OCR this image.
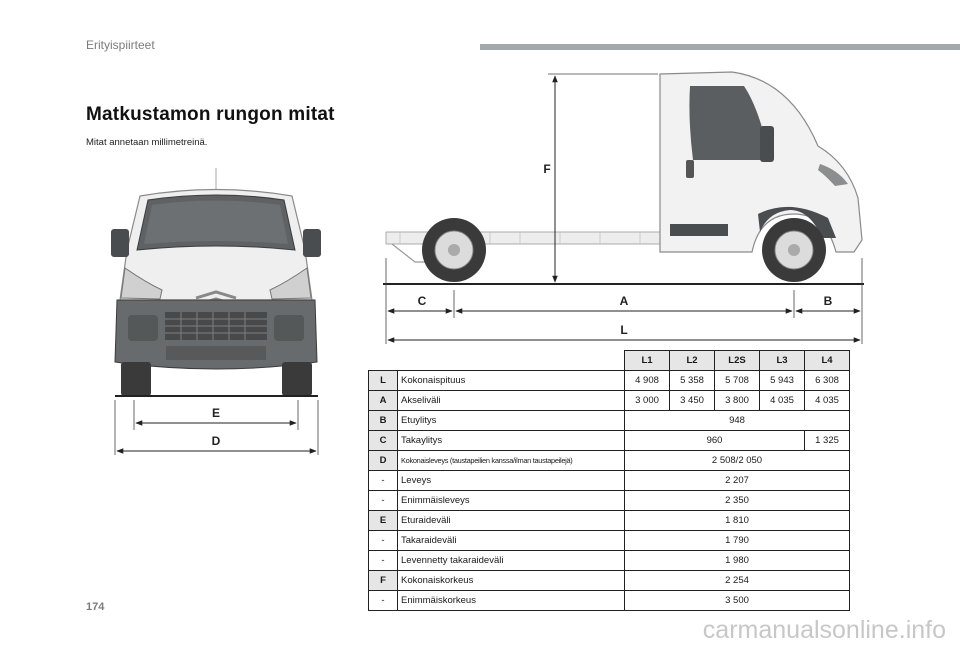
Erityispiirteet
Matkustamon rungon mitat
Mitat annetaan millimetreinä.
E
D
F
C	A	B
L
		L1	L2	L2S	L3	L4
L	Kokonaispituus	4 908	5 358	5 708	5 943	6 308
A	Akseliväli	3 000	3 450	3 800	4 035	4 035
B	Etuylitys	948				
C	Takaylitys	960				1 325
D	Kokonaisleveys (taustapeilien kanssa/ilman taustapeilejä)	2 508/2 050				
-	Leveys	2 207				
-	Enimmäisleveys	2 350				
E	Eturaideväli	1 810				
-	Takaraideväli	1 790				
-	Levennetty takaraideväli	1 980				
F	Kokonaiskorkeus	2 254				
-	Enimmäiskorkeus	3 500				
174
carmanualsonline.info
